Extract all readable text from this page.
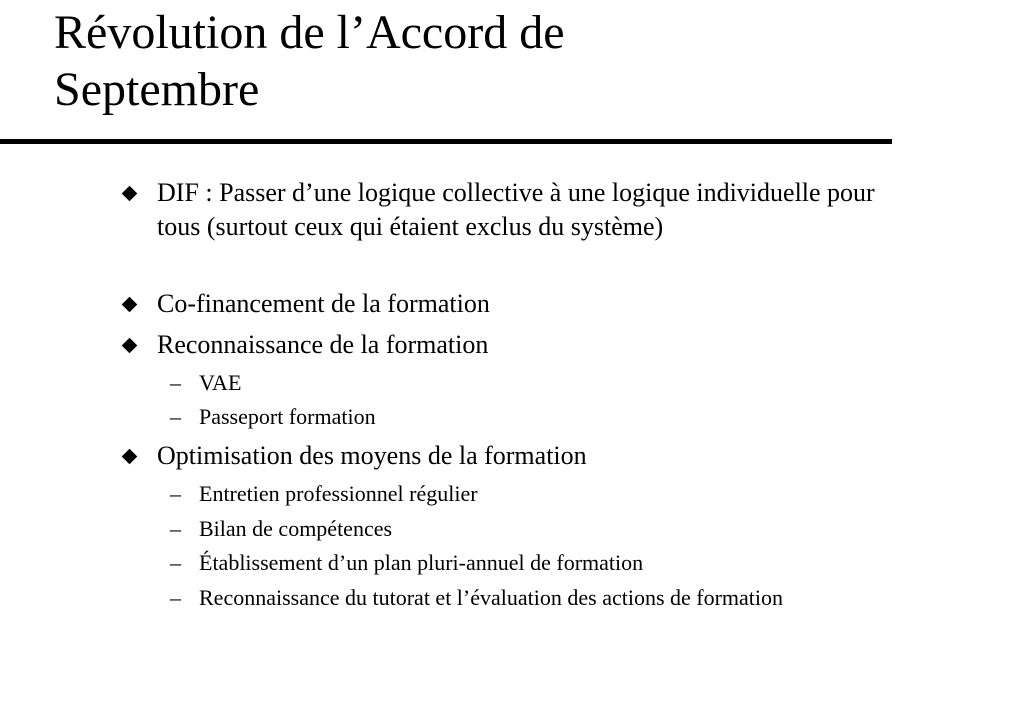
Révolution de l’Accord de
Septembre
DIF : Passer d’une logique collective à une logique individuelle pour tous (surtout ceux qui étaient exclus du système)
Co-financement de la formation
Reconnaissance de la formation
– VAE
– Passeport formation
Optimisation des moyens de la formation
– Entretien professionnel régulier
– Bilan de compétences
– Établissement d’un plan pluri-annuel de formation
– Reconnaissance du tutorat et l’évaluation des actions de formation
